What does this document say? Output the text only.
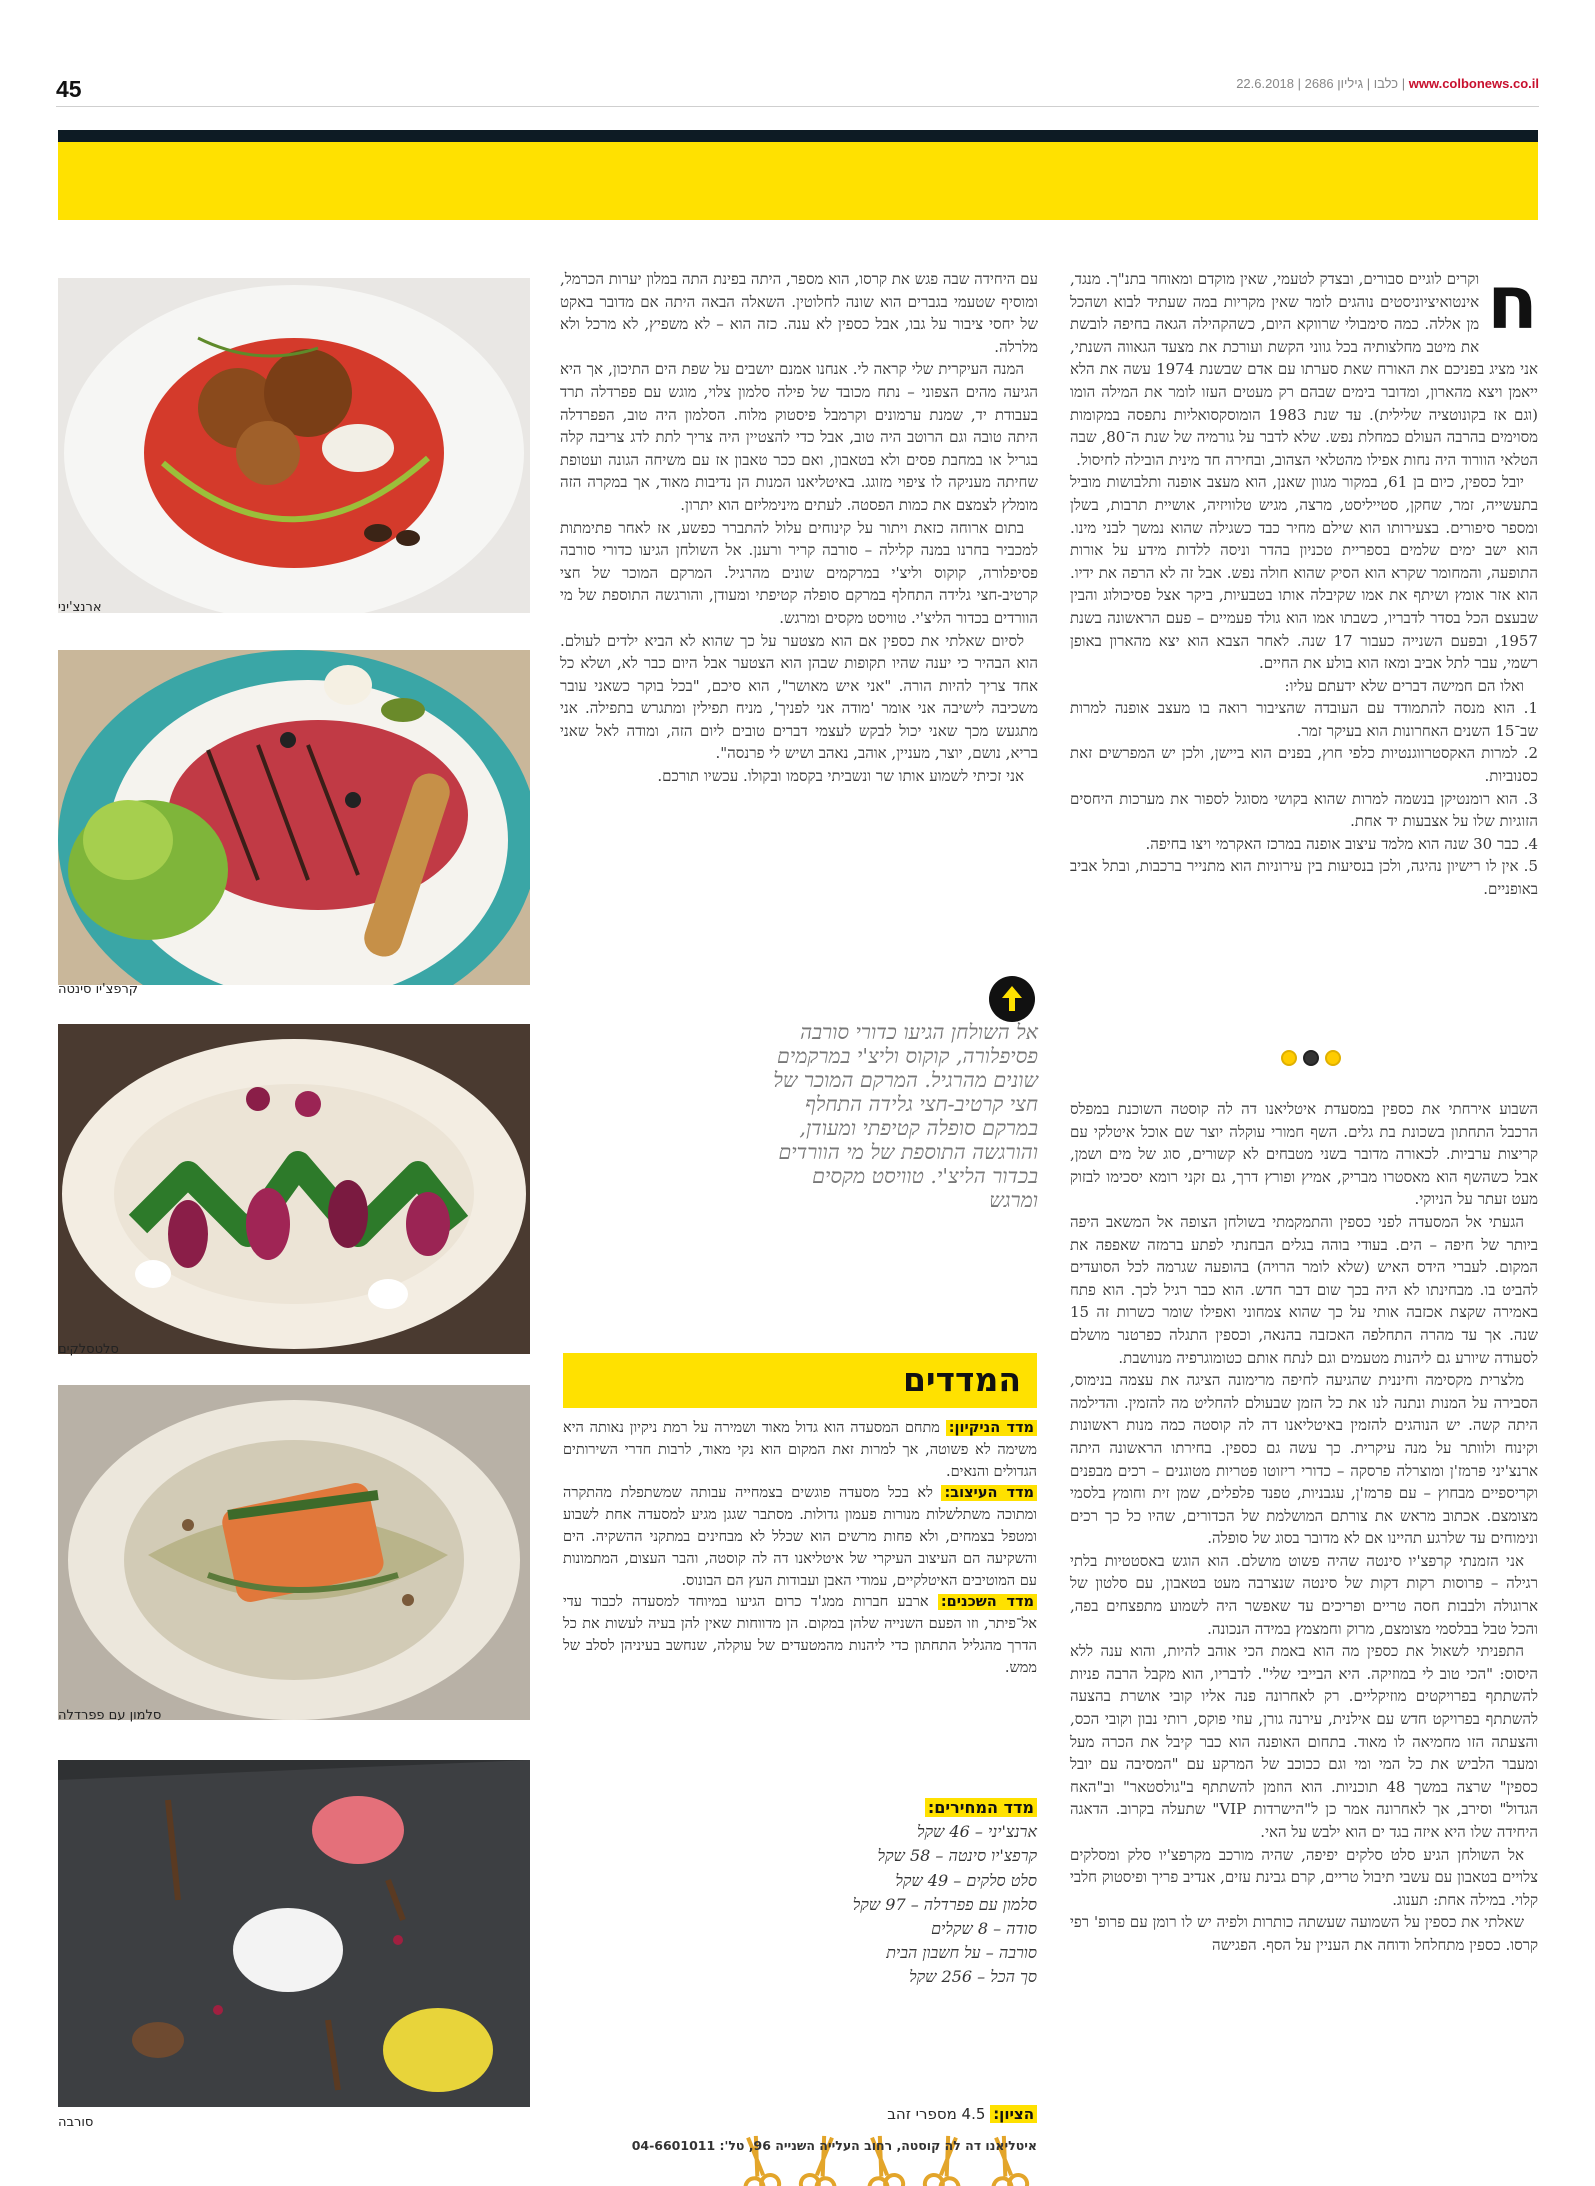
45	www.colbonews.co.il | כלבו | גיליון 2686 | 22.6.2018
ארנצ'יני
קרפצ'יו סינטה
סלטסלקים
סלמון עם פפרדלה
סורבה
ח

וקרים לוגיים סבורים, ובצדק לטעמי, שאין מוקדם ומאוחר בתנ"ך. מנגד, אינטואיציוניסטים נוהגים לומר שאין מקריות במה שעתיד לבוא ושהכל מן אללה. כמה סימבולי שרווקא היום, כשהקהילה הגאה בחיפה לובשת את מיטב מחלצותיה בכל גווני הקשת ועורכת את מצעד הגאווה השנתי, אני מציג בפניכם את האורח שאת סערתו עם אדם שבשנת 1974 עשה את הלא ייאמן ויצא מהארון, ומדובר בימים שבהם רק מעטים העזו לומר את המילה הומו (וגם אז בקונוטציה שלילית). עד שנת 1983 הומוסקסואליות נתפסה במקומות מסוימים בהרבה העולם כמחלת נפש. שלא לדבר על גורמיה של שנת ה־80, שבה הטלאי הוורוד היה נחות אפילו מהטלאי הצהוב, ובחירה חד מינית הובילה לחיסול.

יובל כספין, כיום בן 61, במקור מגוון שאנן, הוא מעצב אופנה ותלבושות מוביל בתעשייה, זמר, שחקן, סטייליסט, מרצה, מגיש טלוויזיה, אושיית תרבות, בשלן ומספר סיפורים. בצעירותו הוא שילם מחיר כבד כשגילה שהוא נמשך לבני מינו. הוא ישב ימים שלמים בספריית טכניון בהדר וניסה ללדות מידע על אורות התופעה, והמחומר שקרא הוא הסיק שהוא חולה נפש. אבל זה לא הרפה את ידיו. הוא אזר אומץ ושיתף את אמו שקיבלה אותו בטבעיות, ביקר אצל פסיכולוג והבין שבעצם הכל בסדר לדבריו, כשבתו אמו הוא גולד פעמיים – פעם הראשונה בשנת 1957, ובפעם השנייה כעבור 17 שנה. לאחר הצבא הוא יצא מהארון באופן רשמי, עבר לתל אביב ומאז הוא בולע את החיים.

ואלו הם חמישה דברים שלא ידעתם עליו:

1. הוא מנסה להתמודד עם העובדה שהציבור רואה בו מעצב אופנה למרות שב־15 השנים האחרונות הוא בעיקר זמר.
2. למרות האקסטרווגנטיות כלפי חוץ, בפנים הוא ביישן, ולכן יש המפרשים זאת כסנוביות.
3. הוא רומנטיקן בנשמה למרות שהוא בקושי מסוגל לספור את מערכות היחסים הזוגיות שלו על אצבעות יד אחת.
4. כבר 30 שנה הוא מלמד עיצוב אופנה במרכז האקרמי ויצו בחיפה.
5. אין לו רישיון נהיגה, ולכן בנסיעות בין עירוניות הוא מתנייר ברכבות, ובתל אביב באופניים.

השבוע אירחתי את כספין במסעדת איטליאנו דה לה קוסטה השוכנת במפלס הרכבל התחתון בשכונת בת גלים. השף חמורי עוקלה יוצר שם אוכל איטלקי עם קריצות ערביות. לכאורה מדובר בשני מטבחים לא קשורים, סוג של מים ושמן, אבל כשהשף הוא מאסטרו מבריק, אמיץ ופורץ דרך, גם זקני רומא יסכימו לבזוק מעט זעתר על הניוקי.

הגעתי אל המסעדה לפני כספין והתמקמתי בשולחן הצופה אל המשאב היפה ביותר של חיפה – הים. בעודי בוהה בגלים הבחנתי לפתע ברמזה שאפפה את המקום. לעברי הידס האיש (שלא לומר הרויה) בהופעה שגרמה לכל הסועדים להביט בו. מבחינתו לא היה בכך שום דבר חדש. הוא כבר רגיל לכך. הוא פתח באמירה שקצת אכזבה אותי על כך שהוא צמחוני ואפילו שומר כשרות זה 15 שנה. אך עד מהרה התחלפה האכזבה בהנאה, וכספין התגלה כפרטנר מושלם לסעודה שיורע גם ליהנות מטעמים וגם לנתח אותם כטומוגרפיה מנוושבת.

מלצרית מקסימה וחיננית שהגיעה לחיפה מרימונה הציגה את עצמה בנימוס, הסבירה על המנות ונתנה לנו את כל הזמן שבעולם להחליט מה להזמין. והדילמה היתה קשה. יש הנוהגים להזמין באיטליאנו דה לה קוסטה כמה מנות ראשונות וקינוח ולוותר על מנה עיקרית. כך עשה גם כספין. בחירתו הראשונה היתה ארנצ'יני פרמז'ן ומוצרלה פרסקה – כדורי ריזוטו פטריות מטוגנים – רכים מבפנים וקריספיים מבחוץ – עם פרמז'ן, עגבניות, טפנד פלפלים, שמן זית וחומץ בלסמי מצומצם. אכתוב מראש את צורתם המושלמת של הכדורים, שהיו כל כך רכים ונימוחים עד שלרגע תהיינו אם לא מדובר בסוג של סופלה.

אני הזמנתי קרפצ'יו סינטה שהיה פשוט מושלם. הוא הוגש באסטטיות בלתי רגילה – פרוסות רקות דקות של סינטה שנצרבה מעט בטאבון, עם סלטון של ארוגולה ולבבות חסה טריים ופריכים עד שאפשר היה לשמוע מתפצחים בפה, והכל טבל בבלסמי מצומצם, מרוק וחמצמץ במידה הנכונה.

התפניתי לשאול את כספין מה הוא באמת הכי אוהב להיות, והוא ענה ללא היסוס: "הכי טוב לי במוזיקה. היא הבייבי שלי". לדבריו, הוא מקבל הרבה פניות להשתתף בפרויקטים מוזיקליים. רק לאחרונה פנה אליו קובי אושרת בהצעה להשתתף בפרויקט חדש עם אילנית, עירנה גורן, עוזי פוקס, רותי נבון וקובי הכס, והצעתה הזו מחמיאה לו מאוד. בתחום האופנה הוא כבר קיבל את הכרה מעל ומעבר הלביש את כל המי ומי וגם ככוכב של המרקע עם "המסיבה עם יובל כספין" שרצה במשך 48 תוכניות. הוא הוזמן להשתתף ב"גולסטאר" וב"האח הגדול" וסירב, אך לאחרונה אמר כן ל"הישרדות VIP" שתעלה בקרוב. הדאגה היחידה שלו היא איזה בגד ים הוא ילבש על האי.

אל השולחן הגיע סלט סלקים יפיפה, שהיה מורכב מקרפצ'יו סלק ומסלקים צלויים בטאבון עם עשבי תיבול טריים, קרם גבינת עזים, אנדיב פריך ופיסטוק חלבי קלוי. במילה אחת: תענוג.

שאלתי את כספין על השמועה שעשתה כותרות ולפיה יש לו רומן עם פרופ' רפי קרסו. כספין מתחלחל ודוחה את העניין על הסף. הפגישה

עם היחידה שבה פגש את קרסו, הוא מספר, היתה בפינת התה במלון יערות הכרמל, ומוסיף שטעמי בגברים הוא שונה לחלוטין. השאלה הבאה היתה אם מדובר באקט של יחסי ציבור על גבו, אבל כספין לא ענה. כזה הוא – לא משפיץ, לא מרכל ולא מלרלה.

המנה העיקרית שלי קראה לי. אנחנו אמנם יושבים על שפת הים התיכון, אך היא הגיעה מהים הצפוני – נתח מכובד של פילה סלמון צלוי, מוגש עם פפרדלה תרד בעבודת יד, שמנת ערמונים וקרמבל פיסטוק מלוח. הסלמון היה טוב, הפפרדלה היתה טובה וגם הרוטב היה טוב, אבל כדי להצטיין היה צריך לתת לדג צריבה קלה בגריל או במחבת פסים ולא בטאבון, ואם ככר טאבון אז עם משיחה הגונה ועטופת שחיתה מעניקה לו ציפוי מזוגג. באיטליאנו המנות הן נדיבות מאוד, אך במקרה הזה מומלץ לצמצם את כמות הפסטה. לעתים מינימליזם הוא יתרון.

בתום ארוחה כזאת ויתור על קינוחים עלול להתברר כפשע, אז לאחר פתימתות למכביר בחרנו במנה קלילה – סורבה קריר ורענן. אל השולחן הגיעו כדורי סורבה פסיפלורה, קוקוס וליצ'י במרקמים שונים מהרגיל. המרקם המוכר של חצי קרטיב-חצי גלידה התחלף במרקם סופלה קטיפתי ומעודן, והורגשה התוספת של מי הוורדים בכדור הליצ'י. טוויסט מקסים ומרגש.

לסיום שאלתי את כספין אם הוא מצטער על כך שהוא לא הביא ילדים לעולם. הוא הבהיר כי יענה שהיו תקופות שבהן הוא הצטער אבל היום כבר לא, ושלא כל אחד צריך להיות הורה. "אני איש מאושר", הוא סיכם, "בכל בוקר כשאני עובר משכיבה לישיבה אני אומר 'מודה אני לפניך', מניח תפילין ומתגרש בתפילה. אני מתגעש מכך שאני יכול לבקש לעצמי דברים טובים ליום הזה, ומודה לאל שאני בריא, נושם, יוצר, מעניין, אוהב, נאהב ושיש לי פרנסה".

אני זכיתי לשמוע אותו שר ונשביתי בקסמו ובקולו. עכשיו תורכם.

אל השולחן הגיעו כדורי סורבה פסיפלורה, קוקוס וליצ'י במרקמים שונים מהרגיל. המרקם המוכר של חצי קרטיב-חצי גלידה התחלף במרקם סופלה קטיפתי ומעודן, והורגשה התוספת של מי הוורדים בכדור הליצ'י. טוויסט מקסים ומרגש
המדדים

מדד הניקיון: מתחם המסעדה הוא גדול מאוד ושמירה על רמת ניקיון נאותה היא משימה לא פשוטה, אך למרות זאת המקום הוא נקי מאוד, לרבות חדרי השירותים הגדולים והנאים.

מדד העיצוב: לא בכל מסעדה פוגשים בצמחייה עבותה שמשתפלת מהתקרה ומתוכה משתלשלות מנורות פעמון גדולות. מסתבר שגגן מגיע למסעדה אחת לשבוע ומטפל בצמחים, ולא פחות מרשים הוא שכלל לא מבחינים במתקני ההשקיה. הים והשקיעה הם העיצוב העיקרי של איטליאנו דה לה קוסטה, והבר העצום, המתמונות עם המוטיבים האיטלקיים, עמודי האבן ועבודות העץ הם הבונוס.

מדד השכנים: ארבע חברות ממג'ד כרום הגיעו במיוחד למסעדה לכבוד עדי אל־פיתר, וזו הפעם השנייה שלהן במקום. הן מדווחות שאין להן בעיה לעשות את כל הדרך מהגליל התחתון כדי ליהנות מהמטעדים של עוקלה, שנחשב בעיניהן לסלב של ממש.

מדד המחירים:
ארנצ'יני – 46 שקל
קרפצ'יו סינטה – 58 שקל
סלט סלקים – 49 שקל
סלמון עם פפרדלה – 97 שקל
סודה – 8 שקלים
סורבה – על חשבון הבית
סך הכל – 256 שקל
הציון: 4.5 מספרי זהב
איטליאנו דה לה קוסטה, רחוב העלייה השנייה 96, טל': 04-6601011
